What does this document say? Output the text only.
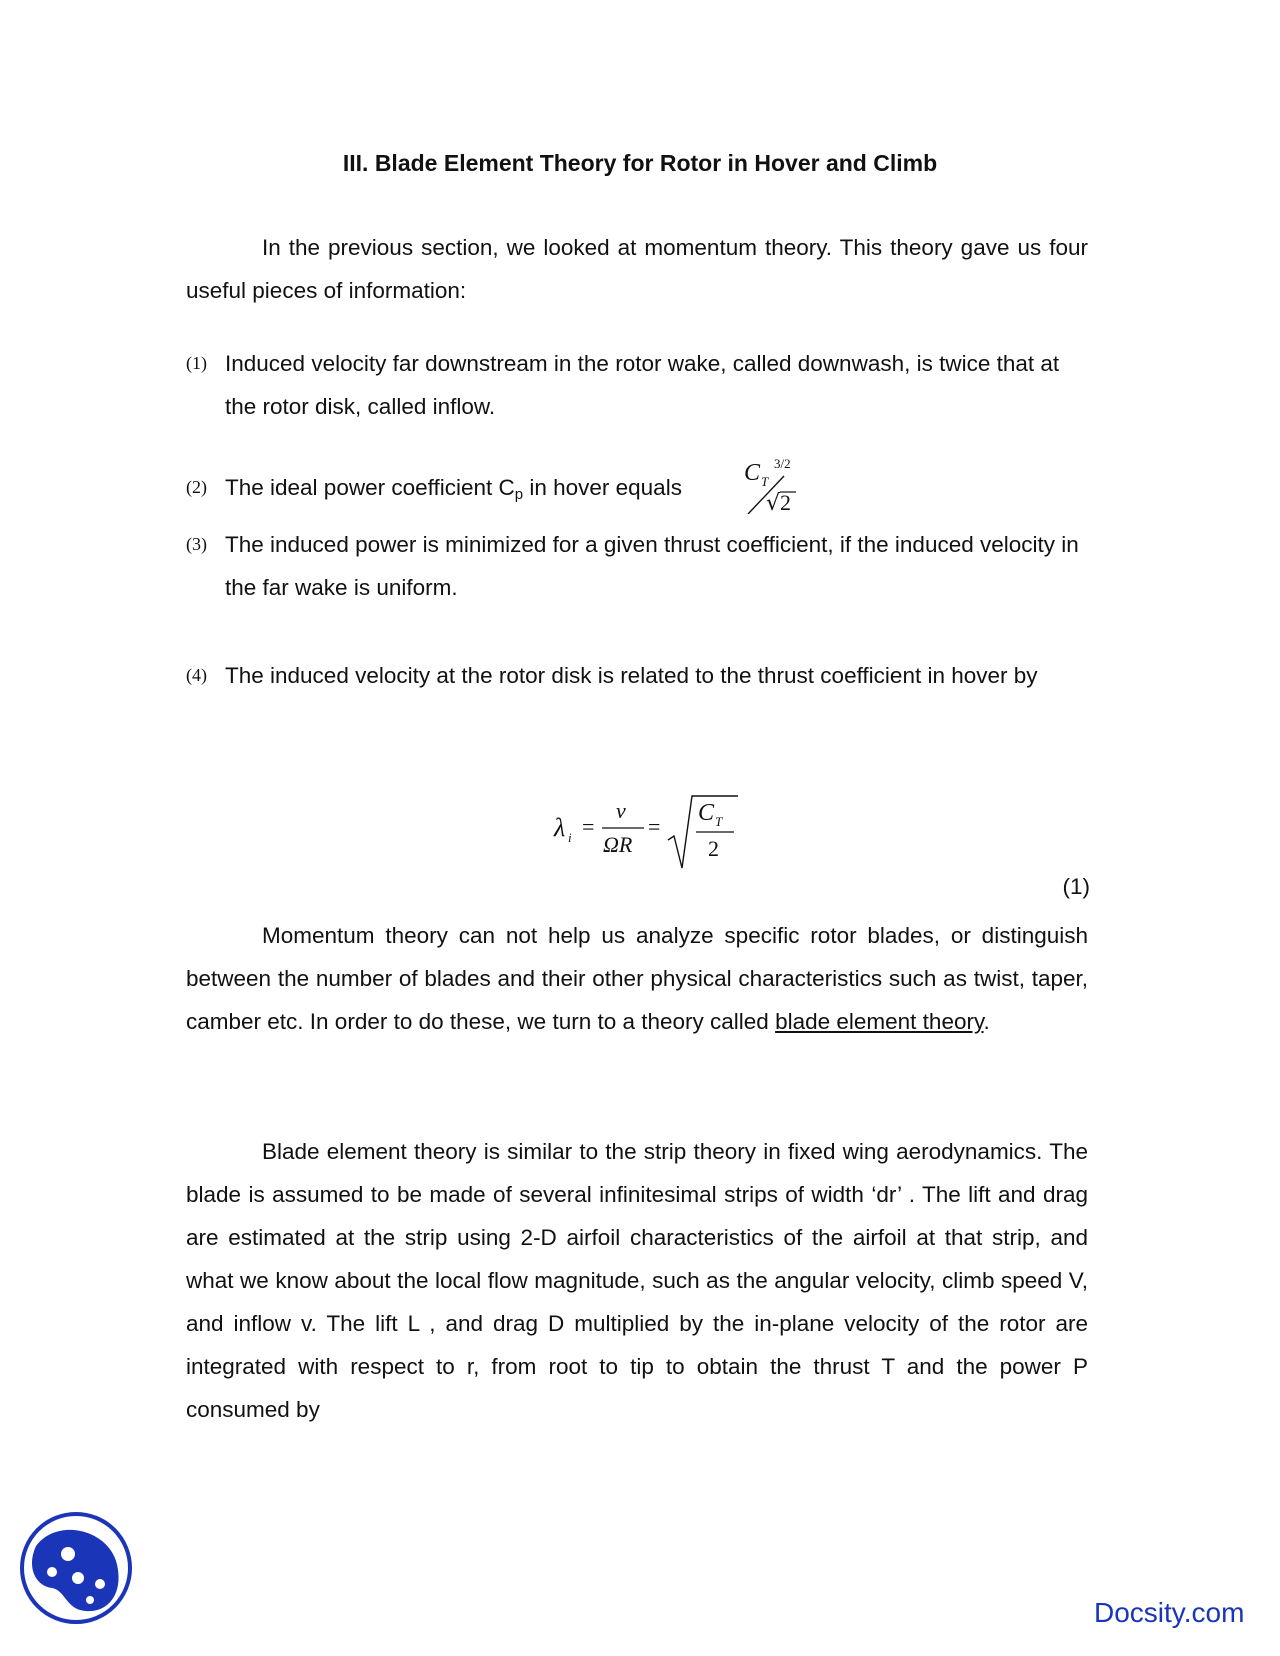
III. Blade Element Theory for Rotor in Hover and Climb

In the previous section, we looked at momentum theory. This theory gave us four useful pieces of information:

(1) Induced velocity far downstream in the rotor wake, called downwash, is twice that at the rotor disk, called inflow.
(2) The ideal power coefficient $C_p$ in hover equals
C T
3/2
√ 2
(3) The induced power is minimized for a given thrust coefficient, if the induced velocity in the far wake is uniform.
(4) The induced velocity at the rotor disk is related to the thrust coefficient in hover by
λ i =
v
ΩR
=
C T
2
(1)

Momentum theory can not help us analyze specific rotor blades, or distinguish between the number of blades and their other physical characteristics such as twist, taper, camber etc. In order to do these, we turn to a theory called blade element theory.

Blade element theory is similar to the strip theory in fixed wing aerodynamics. The blade is assumed to be made of several infinitesimal strips of width ‘dr’ . The lift and drag are estimated at the strip using 2-D airfoil characteristics of the airfoil at that strip, and what we know about the local flow magnitude, such as the angular velocity, climb speed V, and inflow v. The lift L , and drag D multiplied by the in-plane velocity of the rotor are integrated with respect to r, from root to tip to obtain the thrust T and the power P consumed by

Docsity.com
